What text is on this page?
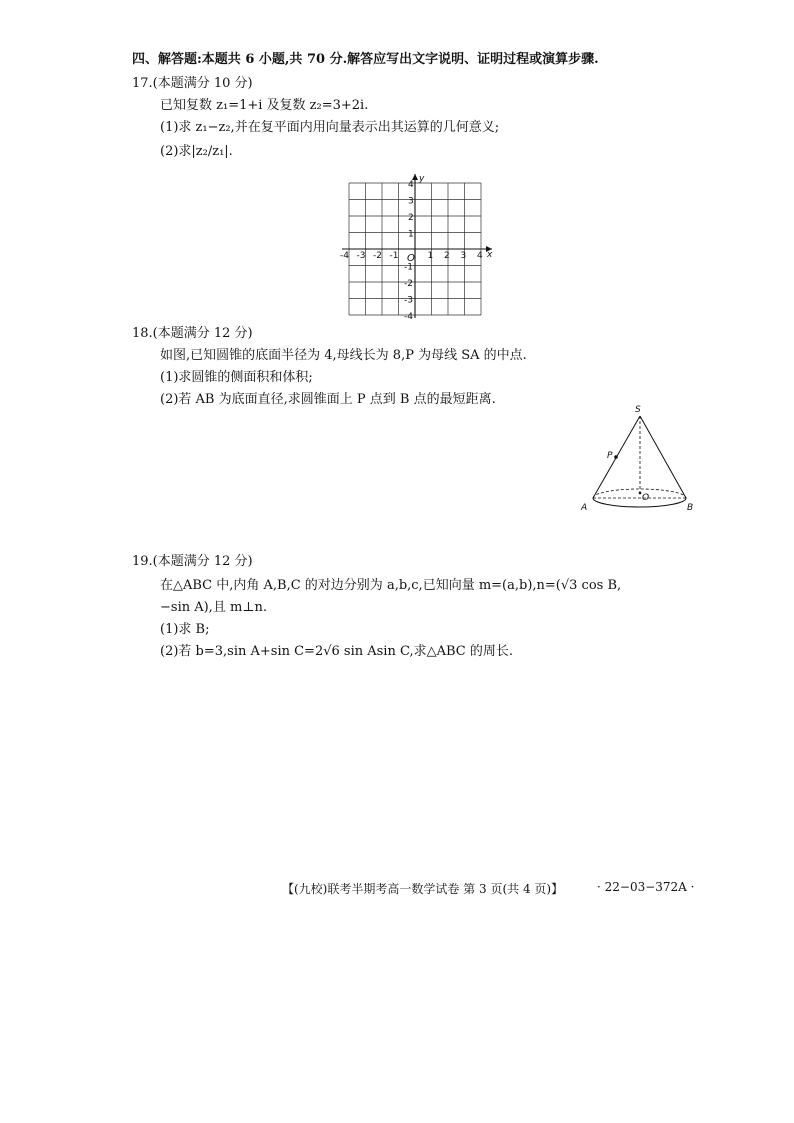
四、解答题:本题共 6 小题,共 70 分.解答应写出文字说明、证明过程或演算步骤.
17.(本题满分 10 分)
已知复数 z₁=1+i 及复数 z₂=3+2i.
(1)求 z₁−z₂,并在复平面内用向量表示出其运算的几何意义;
(2)求|z₂/z₁|.
-4 -3 -2 -1	1 2 3 4
4
3
2
1
-1
-2
-3
-4
O	x
y
18.(本题满分 12 分)
如图,已知圆锥的底面半径为 4,母线长为 8,P 为母线 SA 的中点.
(1)求圆锥的侧面积和体积;
(2)若 AB 为底面直径,求圆锥面上 P 点到 B 点的最短距离.
S
P
O
A	B
19.(本题满分 12 分)
在△ABC 中,内角 A,B,C 的对边分别为 a,b,c,已知向量 m=(a,b),n=(√3 cos B,
−sin A),且 m⊥n.
(1)求 B;
(2)若 b=3,sin A+sin C=2√6 sin Asin C,求△ABC 的周长.
【(九校)联考半期考高一数学试卷 第 3 页(共 4 页)】	· 22−03−372A ·
